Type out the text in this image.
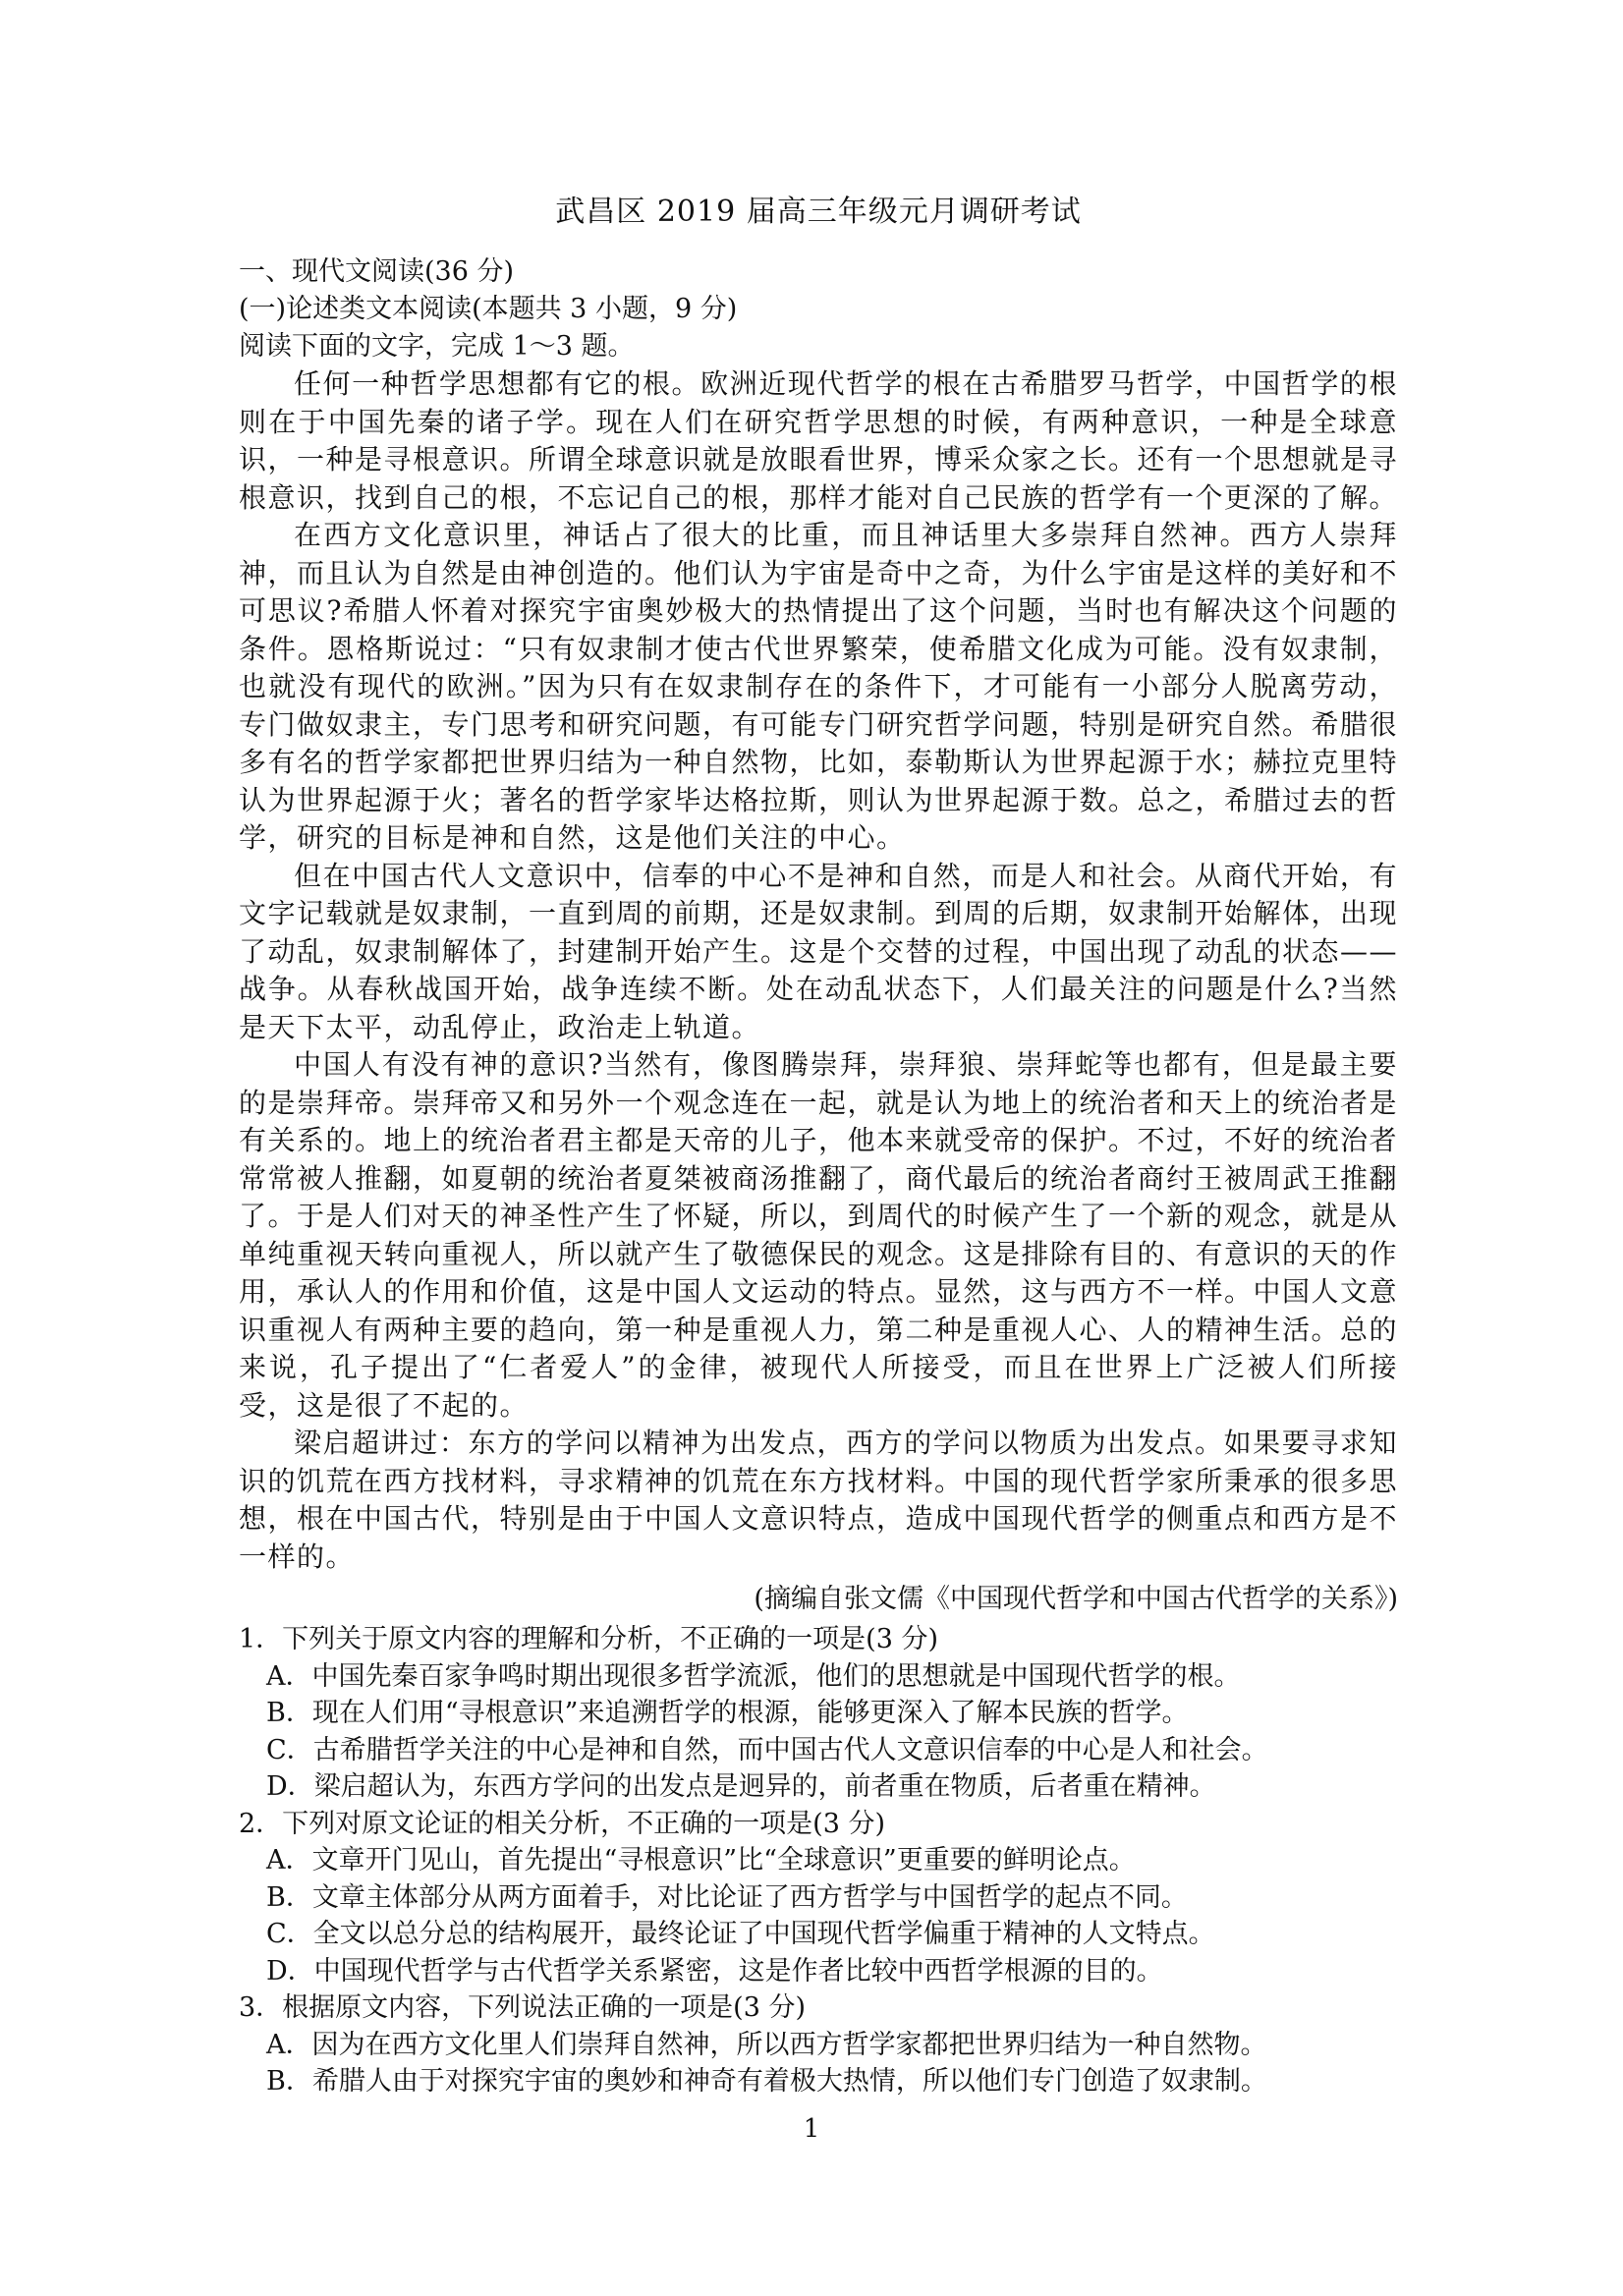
武昌区 2019 届高三年级元月调研考试
一、现代文阅读(36 分)
(一)论述类文本阅读(本题共 3 小题，9 分)
阅读下面的文字，完成 1～3 题。

任何一种哲学思想都有它的根。欧洲近现代哲学的根在古希腊罗马哲学，中国哲学的根则在于中国先秦的诸子学。现在人们在研究哲学思想的时候，有两种意识，一种是全球意识，一种是寻根意识。所谓全球意识就是放眼看世界，博采众家之长。还有一个思想就是寻根意识，找到自己的根，不忘记自己的根，那样才能对自己民族的哲学有一个更深的了解。

在西方文化意识里，神话占了很大的比重，而且神话里大多崇拜自然神。西方人崇拜神，而且认为自然是由神创造的。他们认为宇宙是奇中之奇，为什么宇宙是这样的美好和不可思议?希腊人怀着对探究宇宙奥妙极大的热情提出了这个问题，当时也有解决这个问题的条件。恩格斯说过：“只有奴隶制才使古代世界繁荣，使希腊文化成为可能。没有奴隶制，也就没有现代的欧洲。”因为只有在奴隶制存在的条件下，才可能有一小部分人脱离劳动，专门做奴隶主，专门思考和研究问题，有可能专门研究哲学问题，特别是研究自然。希腊很多有名的哲学家都把世界归结为一种自然物，比如，泰勒斯认为世界起源于水；赫拉克里特认为世界起源于火；著名的哲学家毕达格拉斯，则认为世界起源于数。总之，希腊过去的哲学，研究的目标是神和自然，这是他们关注的中心。

但在中国古代人文意识中，信奉的中心不是神和自然，而是人和社会。从商代开始，有文字记载就是奴隶制，一直到周的前期，还是奴隶制。到周的后期，奴隶制开始解体，出现了动乱，奴隶制解体了，封建制开始产生。这是个交替的过程，中国出现了动乱的状态——战争。从春秋战国开始，战争连续不断。处在动乱状态下，人们最关注的问题是什么?当然是天下太平，动乱停止，政治走上轨道。

中国人有没有神的意识?当然有，像图腾崇拜，崇拜狼、崇拜蛇等也都有，但是最主要的是崇拜帝。崇拜帝又和另外一个观念连在一起，就是认为地上的统治者和天上的统治者是有关系的。地上的统治者君主都是天帝的儿子，他本来就受帝的保护。不过，不好的统治者常常被人推翻，如夏朝的统治者夏桀被商汤推翻了，商代最后的统治者商纣王被周武王推翻了。于是人们对天的神圣性产生了怀疑，所以，到周代的时候产生了一个新的观念，就是从单纯重视天转向重视人，所以就产生了敬德保民的观念。这是排除有目的、有意识的天的作用，承认人的作用和价值，这是中国人文运动的特点。显然，这与西方不一样。中国人文意识重视人有两种主要的趋向，第一种是重视人力，第二种是重视人心、人的精神生活。总的来说，孔子提出了“仁者爱人”的金律，被现代人所接受，而且在世界上广泛被人们所接受，这是很了不起的。

梁启超讲过：东方的学问以精神为出发点，西方的学问以物质为出发点。如果要寻求知识的饥荒在西方找材料，寻求精神的饥荒在东方找材料。中国的现代哲学家所秉承的很多思想，根在中国古代，特别是由于中国人文意识特点，造成中国现代哲学的侧重点和西方是不一样的。

(摘编自张文儒《中国现代哲学和中国古代哲学的关系》)

1．下列关于原文内容的理解和分析，不正确的一项是(3 分)

A．中国先秦百家争鸣时期出现很多哲学流派，他们的思想就是中国现代哲学的根。

B．现在人们用“寻根意识”来追溯哲学的根源，能够更深入了解本民族的哲学。

C．古希腊哲学关注的中心是神和自然，而中国古代人文意识信奉的中心是人和社会。

D．梁启超认为，东西方学问的出发点是迥异的，前者重在物质，后者重在精神。

2．下列对原文论证的相关分析，不正确的一项是(3 分)

A．文章开门见山，首先提出“寻根意识”比“全球意识”更重要的鲜明论点。

B．文章主体部分从两方面着手，对比论证了西方哲学与中国哲学的起点不同。

C．全文以总分总的结构展开，最终论证了中国现代哲学偏重于精神的人文特点。

D．中国现代哲学与古代哲学关系紧密，这是作者比较中西哲学根源的目的。

3．根据原文内容，下列说法正确的一项是(3 分)

A．因为在西方文化里人们崇拜自然神，所以西方哲学家都把世界归结为一种自然物。

B．希腊人由于对探究宇宙的奥妙和神奇有着极大热情，所以他们专门创造了奴隶制。

1
